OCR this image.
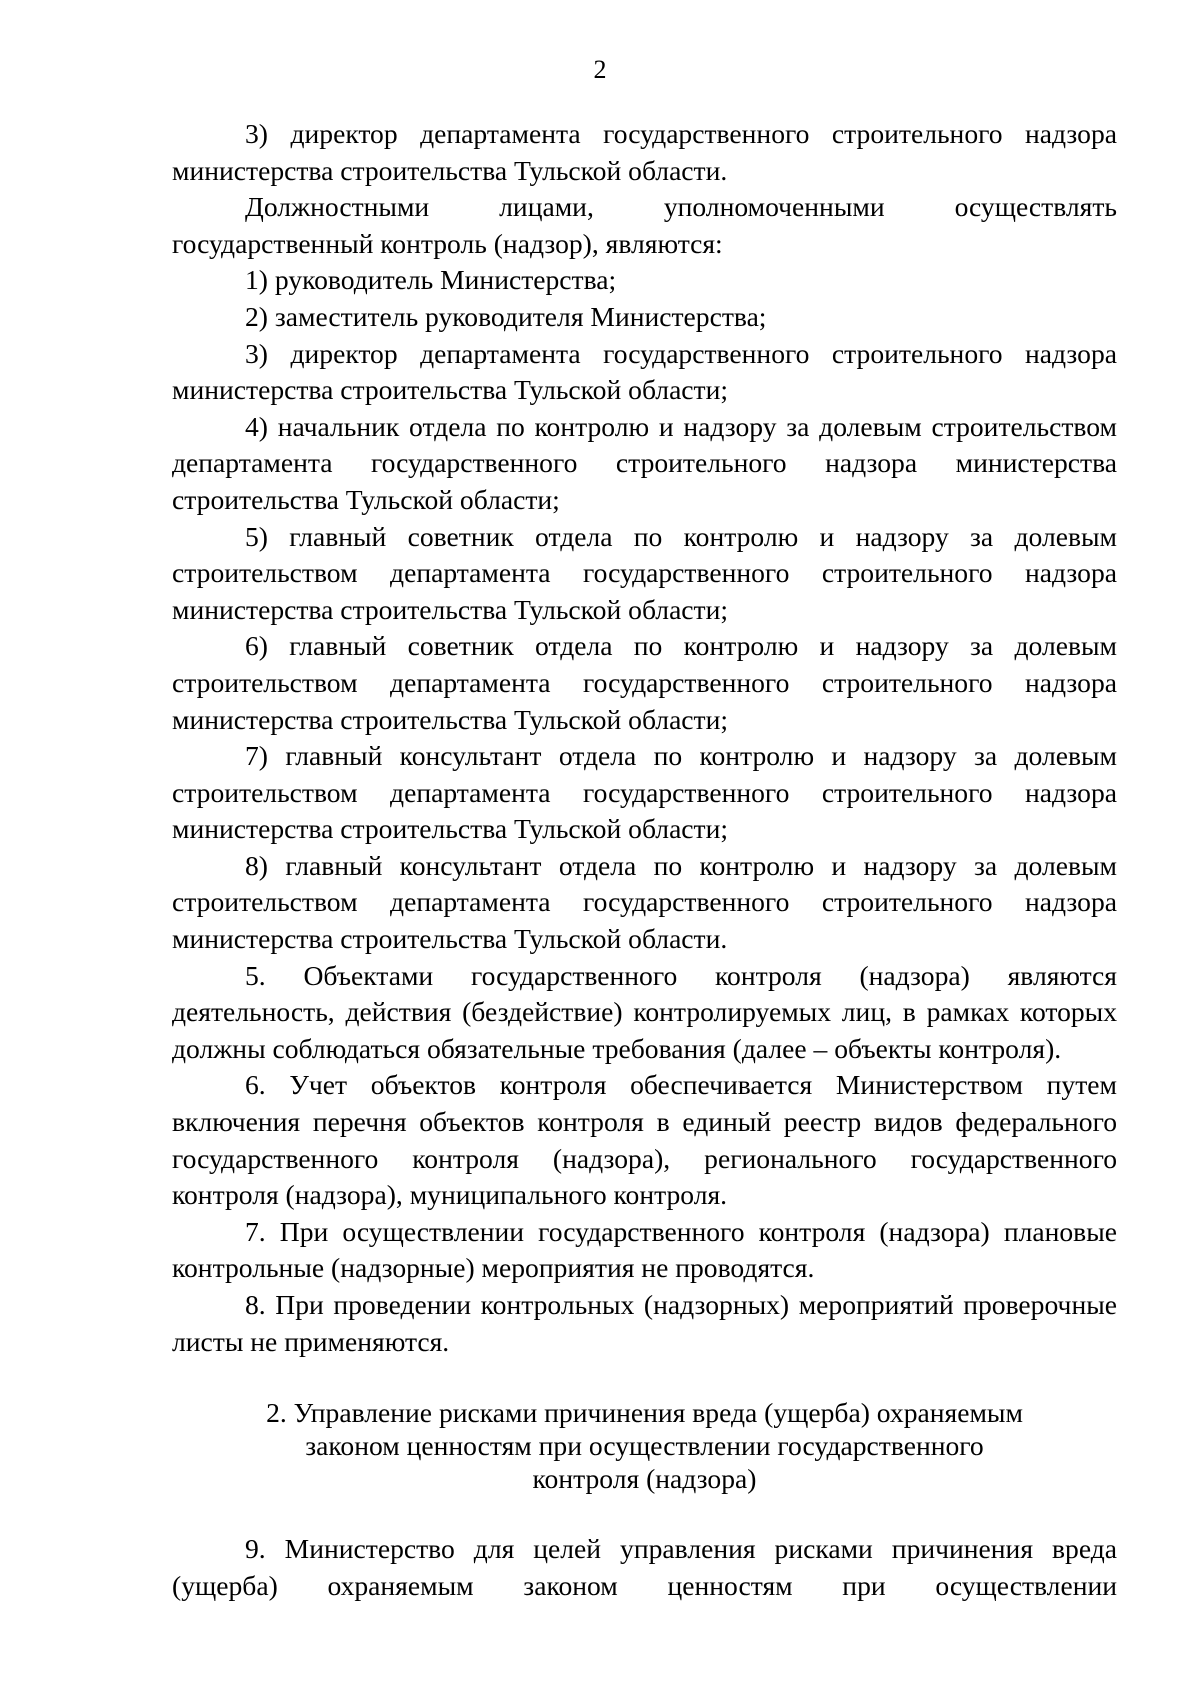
2

3) директор департамента государственного строительного надзора министерства строительства Тульской области.

Должностными лицами, уполномоченными осуществлять государственный контроль (надзор), являются:

1) руководитель Министерства;

2) заместитель руководителя Министерства;

3) директор департамента государственного строительного надзора министерства строительства Тульской области;

4) начальник отдела по контролю и надзору за долевым строительством департамента государственного строительного надзора министерства строительства Тульской области;

5) главный советник отдела по контролю и надзору за долевым строительством департамента государственного строительного надзора министерства строительства Тульской области;

6) главный советник отдела по контролю и надзору за долевым строительством департамента государственного строительного надзора министерства строительства Тульской области;

7) главный консультант отдела по контролю и надзору за долевым строительством департамента государственного строительного надзора министерства строительства Тульской области;

8) главный консультант отдела по контролю и надзору за долевым строительством департамента государственного строительного надзора министерства строительства Тульской области.

5. Объектами государственного контроля (надзора) являются деятельность, действия (бездействие) контролируемых лиц, в рамках которых должны соблюдаться обязательные требования (далее – объекты контроля).

6. Учет объектов контроля обеспечивается Министерством путем включения перечня объектов контроля в единый реестр видов федерального государственного контроля (надзора), регионального государственного контроля (надзора), муниципального контроля.

7. При осуществлении государственного контроля (надзора) плановые контрольные (надзорные) мероприятия не проводятся.

8. При проведении контрольных (надзорных) мероприятий проверочные листы не применяются.

2. Управление рисками причинения вреда (ущерба) охраняемым
законом ценностям при осуществлении государственного
контроля (надзора)

9. Министерство для целей управления рисками причинения вреда (ущерба) охраняемым законом ценностям при осуществлении
